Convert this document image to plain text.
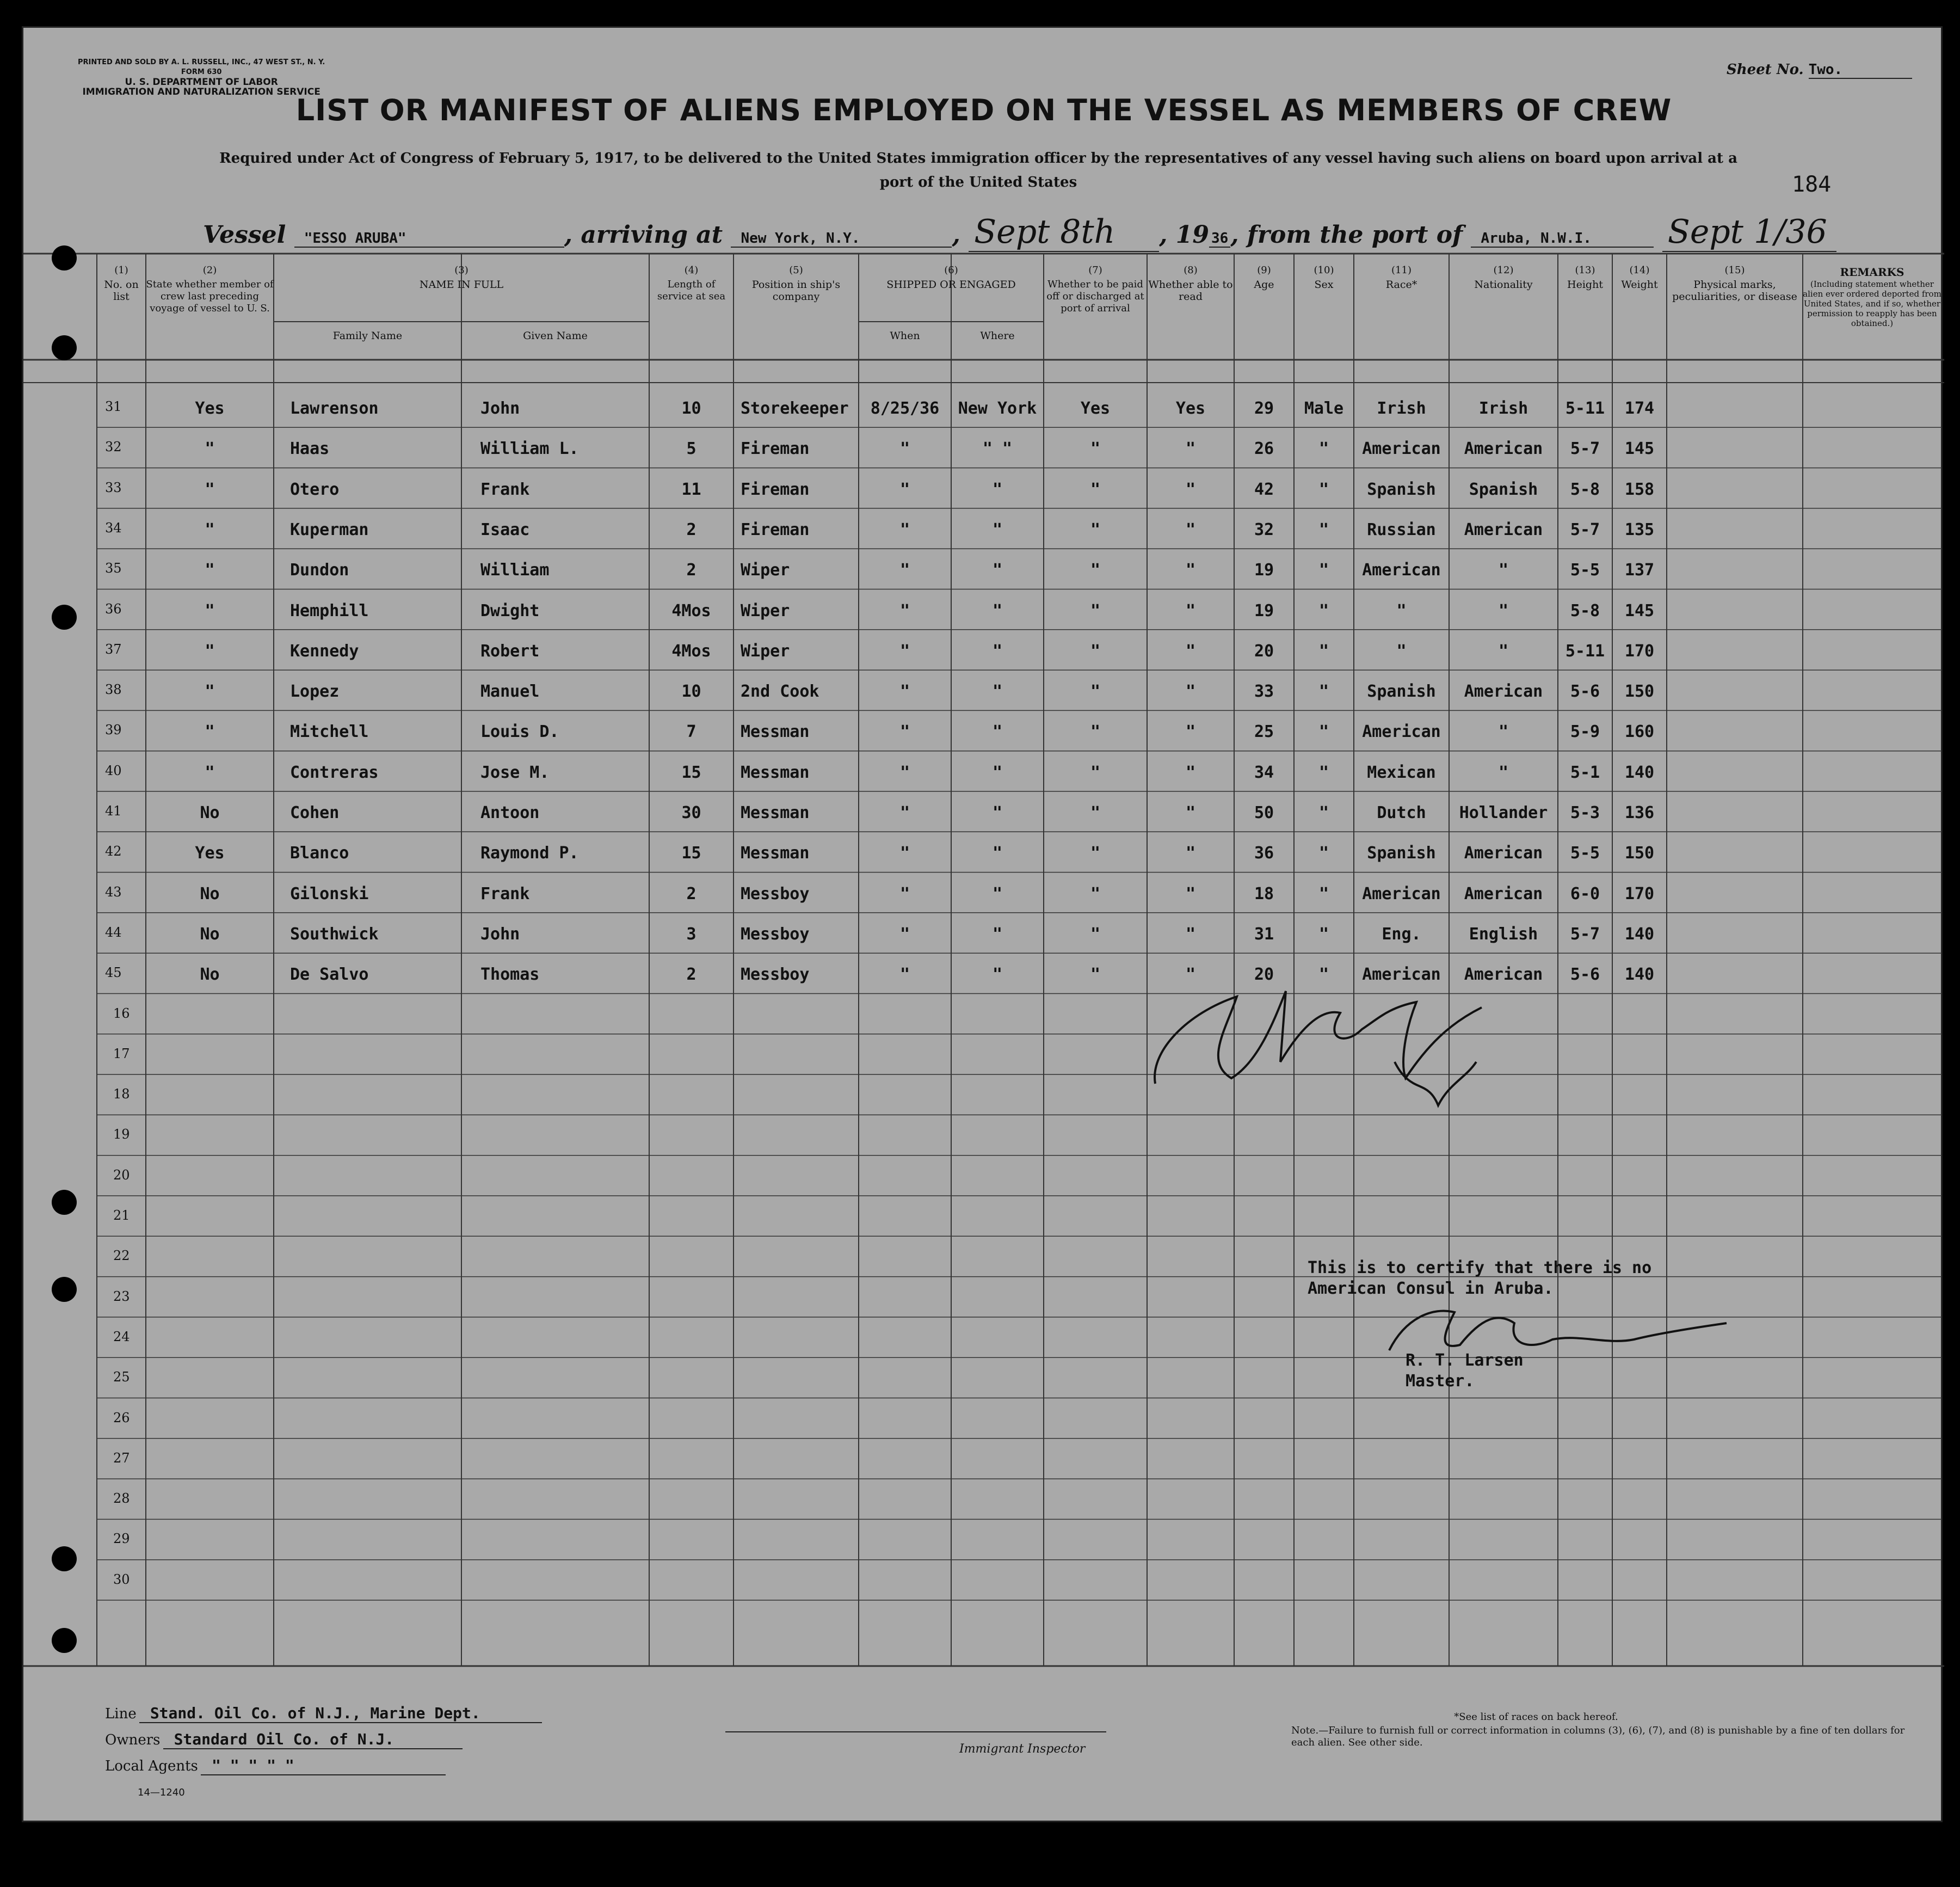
PRINTED AND SOLD BY A. L. RUSSELL, INC., 47 WEST ST., N. Y.
FORM 630
U. S. DEPARTMENT OF LABOR
IMMIGRATION AND NATURALIZATION SERVICE
Sheet No. Two.
LIST OR MANIFEST OF ALIENS EMPLOYED ON THE VESSEL AS MEMBERS OF CREW
Required under Act of Congress of February 5, 1917, to be delivered to the United States immigration officer by the representatives of any vessel having such aliens on board upon arrival at a port of the United States	184
Vessel "ESSO ARUBA"	, arriving at New York, N.Y.	, Sept 8th , 19 36, from the port of Aruba, N.W.I. Sept 1/36
(1)
No. on list
(2)
State whether member of crew last preceding voyage of vessel to U. S.
(3)
NAME IN FULL
Family Name	Given Name
(4)
Length of service at sea
(5)
Position in ship's company
(6)
SHIPPED OR ENGAGED
When	Where
(7)
Whether to be paid off or discharged at port of arrival
(8)
Whether able to read
(9)
Age
(10)
Sex
(11)
Race*
(12)
Nationality
(13)
Height
(14)
Weight
(15)
Physical marks, peculiarities, or disease
REMARKS
(Including statement whether alien ever ordered deported from United States, and if so, whether permission to reapply has been obtained.)
31	Yes	Lawrenson	John	10	Storekeeper	8/25/36	New York	Yes	Yes	29	Male	Irish	Irish	5-11	174
32	"	Haas	William L.	5	Fireman	"	" "	"	"	26	"	American	American	5-7	145
33	"	Otero	Frank	11	Fireman	"	"	"	"	42	"	Spanish	Spanish	5-8	158
34	"	Kuperman	Isaac	2	Fireman	"	"	"	"	32	"	Russian	American	5-7	135
35	"	Dundon	William	2	Wiper	"	"	"	"	19	"	American	"	5-5	137
36	"	Hemphill	Dwight	4Mos	Wiper	"	"	"	"	19	"	"	"	5-8	145
37	"	Kennedy	Robert	4Mos	Wiper	"	"	"	"	20	"	"	"	5-11	170
38	"	Lopez	Manuel	10	2nd Cook	"	"	"	"	33	"	Spanish	American	5-6	150
39	"	Mitchell	Louis D.	7	Messman	"	"	"	"	25	"	American	"	5-9	160
40	"	Contreras	Jose M.	15	Messman	"	"	"	"	34	"	Mexican	"	5-1	140
41	No	Cohen	Antoon	30	Messman	"	"	"	"	50	"	Dutch	Hollander	5-3	136
42	Yes	Blanco	Raymond P.	15	Messman	"	"	"	"	36	"	Spanish	American	5-5	150
43	No	Gilonski	Frank	2	Messboy	"	"	"	"	18	"	American	American	6-0	170
44	No	Southwick	John	3	Messboy	"	"	"	"	31	"	Eng.	English	5-7	140
45	No	De Salvo	Thomas	2	Messboy	"	"	"	"	20	"	American	American	5-6	140
16
17
18
19
20
21
22
23
24
25
26
27
28
29
30
This is to certify that there is no American Consul in Aruba.
R. T. Larsen
Master.
Line Stand. Oil Co. of N.J., Marine Dept.
Owners Standard Oil Co. of N.J.
Local Agents " " " " "
14—1240
Immigrant Inspector
*See list of races on back hereof.
Note.—Failure to furnish full or correct information in columns (3), (6), (7), and (8) is punishable by a fine of ten dollars for each alien. See other side.
